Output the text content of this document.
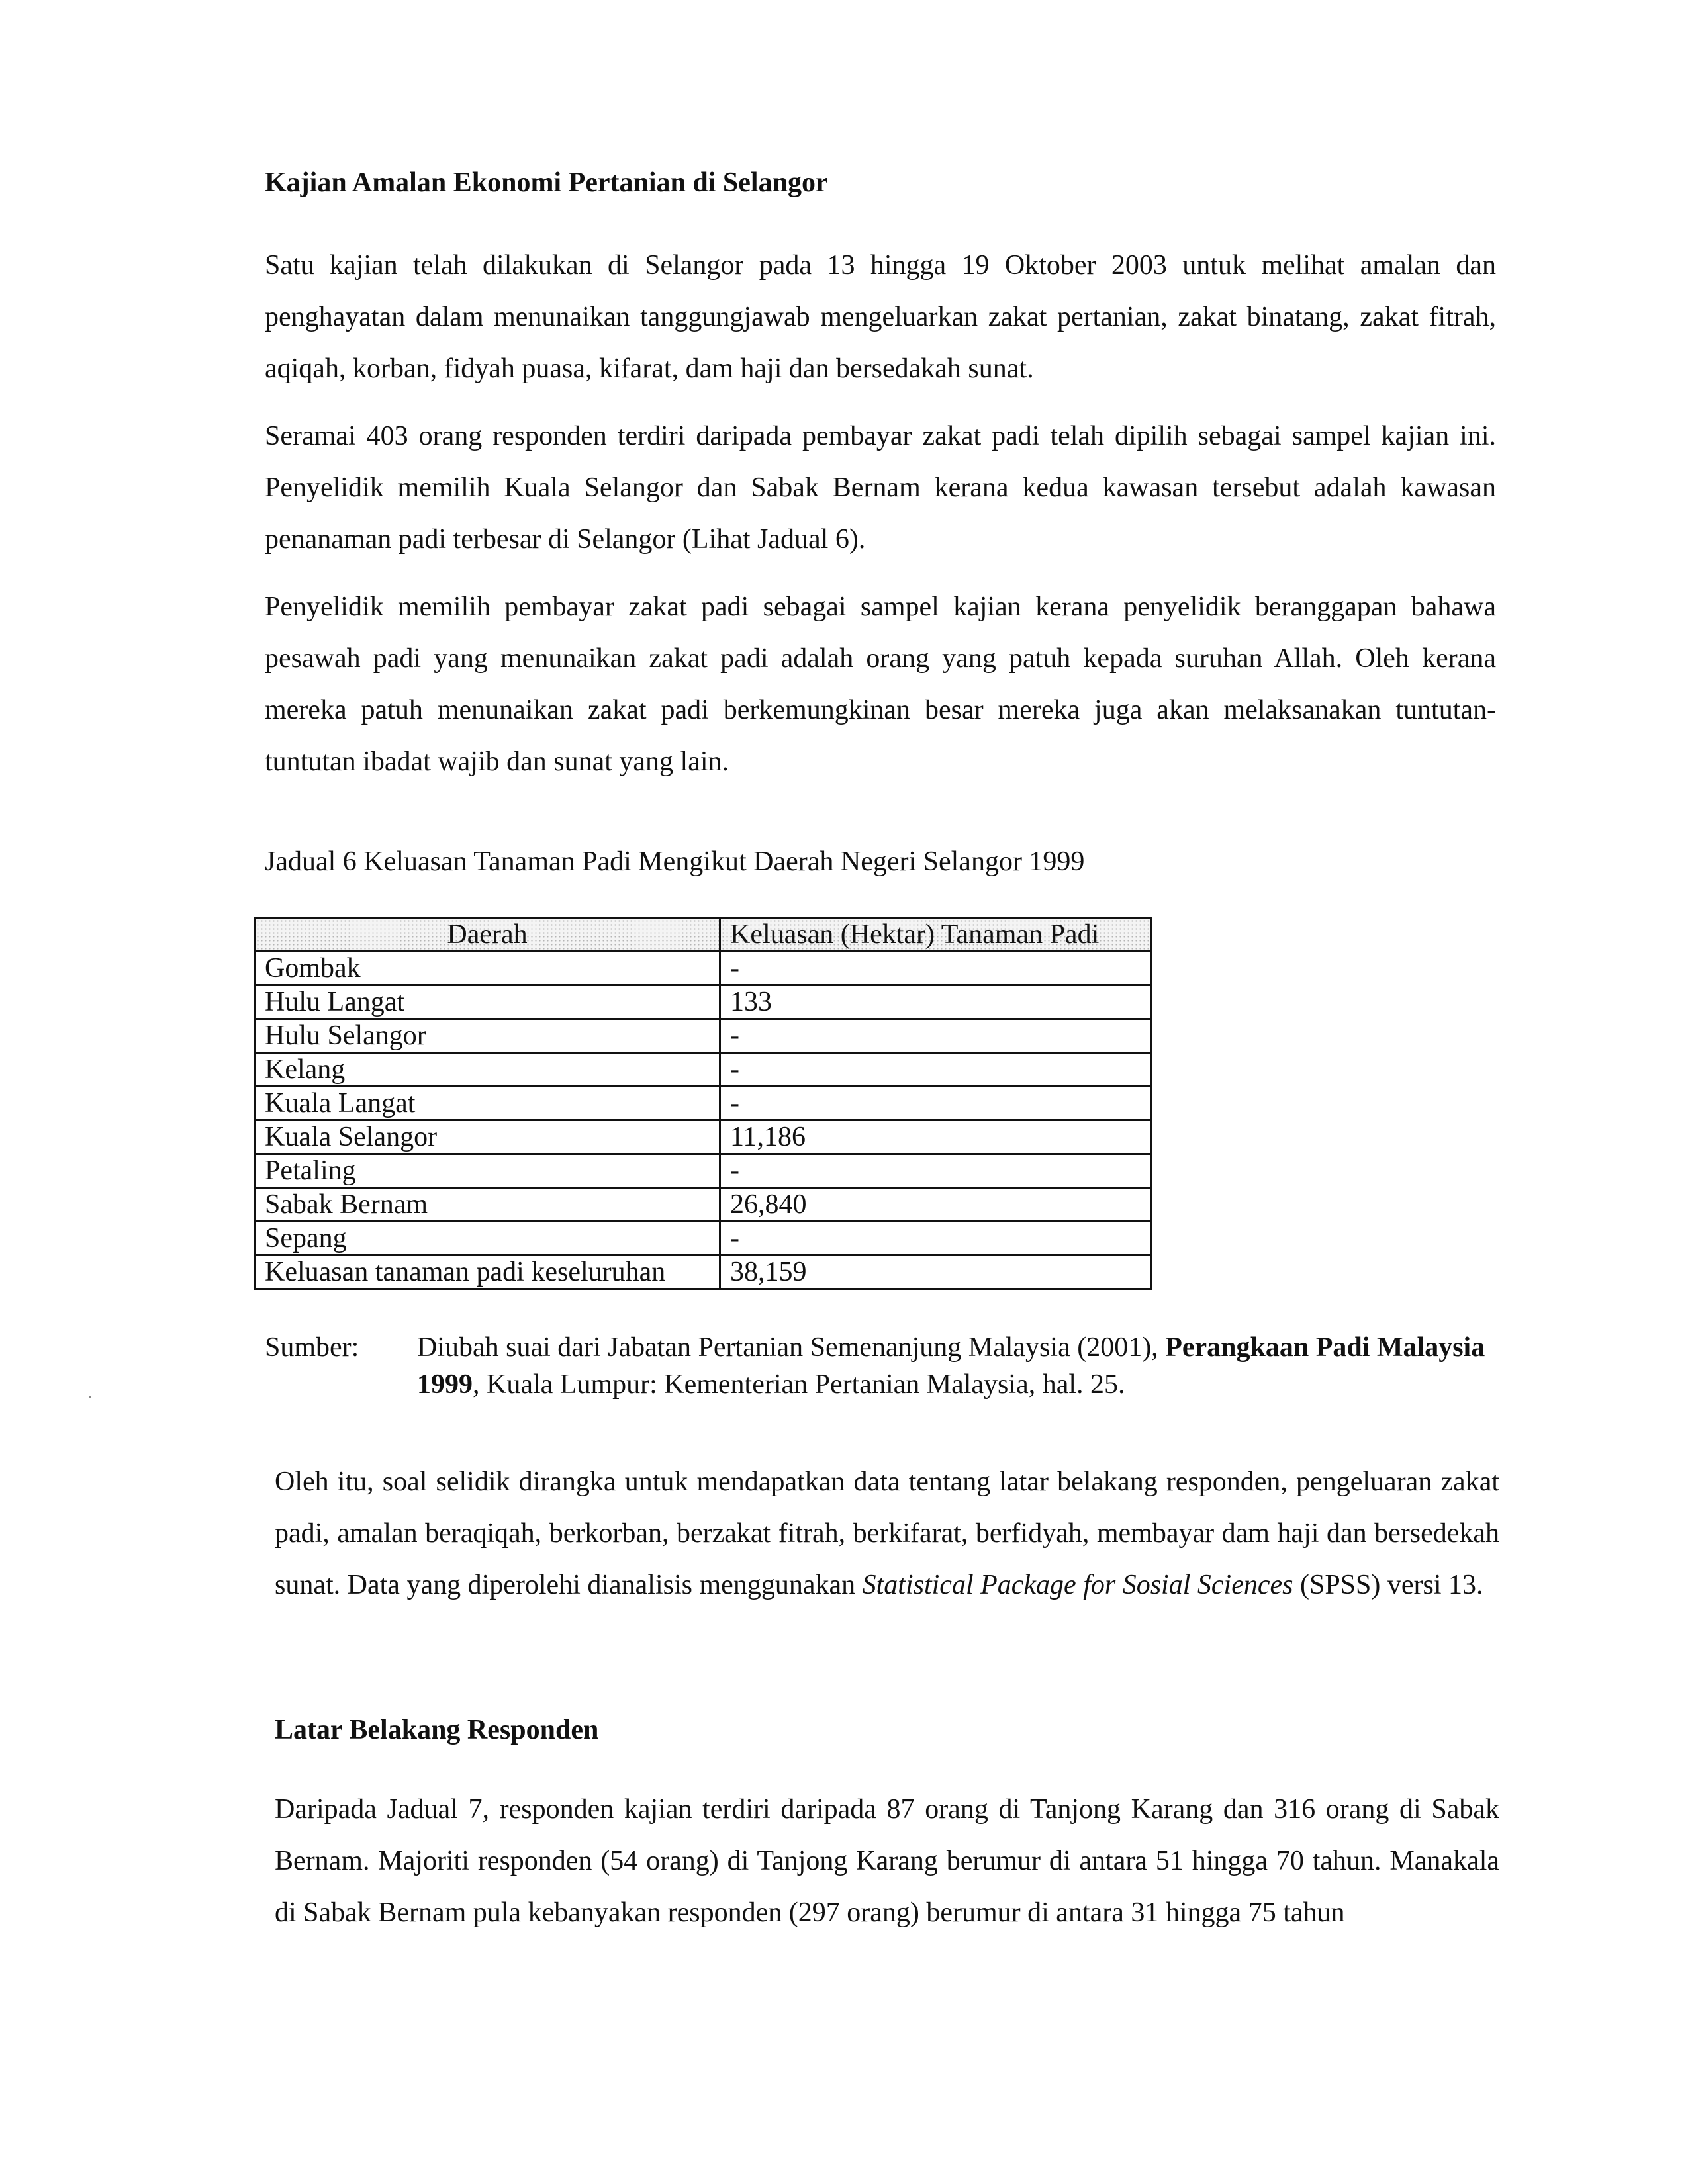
Kajian Amalan Ekonomi Pertanian di Selangor

Satu kajian telah dilakukan di Selangor pada 13 hingga 19 Oktober 2003 untuk melihat amalan dan penghayatan dalam menunaikan tanggungjawab mengeluarkan zakat pertanian, zakat binatang, zakat fitrah, aqiqah, korban, fidyah puasa, kifarat, dam haji dan bersedakah sunat.

Seramai 403 orang responden terdiri daripada pembayar zakat padi telah dipilih sebagai sampel kajian ini. Penyelidik memilih Kuala Selangor dan Sabak Bernam kerana kedua kawasan tersebut adalah kawasan penanaman padi terbesar di Selangor (Lihat Jadual 6).

Penyelidik memilih pembayar zakat padi sebagai sampel kajian kerana penyelidik beranggapan bahawa pesawah padi yang menunaikan zakat padi adalah orang yang patuh kepada suruhan Allah. Oleh kerana mereka patuh menunaikan zakat padi berkemungkinan besar mereka juga akan melaksanakan tuntutan-tuntutan ibadat wajib dan sunat yang lain.

Jadual 6 Keluasan Tanaman Padi Mengikut Daerah Negeri Selangor 1999
Daerah	Keluasan (Hektar) Tanaman Padi
Gombak	-
Hulu Langat	133
Hulu Selangor	-
Kelang	-
Kuala Langat	-
Kuala Selangor	11,186
Petaling	-
Sabak Bernam	26,840
Sepang	-
Keluasan tanaman padi keseluruhan	38,159
Sumber: Diubah suai dari Jabatan Pertanian Semenanjung Malaysia (2001), Perangkaan Padi Malaysia 1999, Kuala Lumpur: Kementerian Pertanian Malaysia, hal. 25.

Oleh itu, soal selidik dirangka untuk mendapatkan data tentang latar belakang responden, pengeluaran zakat padi, amalan beraqiqah, berkorban, berzakat fitrah, berkifarat, berfidyah, membayar dam haji dan bersedekah sunat. Data yang diperolehi dianalisis menggunakan Statistical Package for Sosial Sciences (SPSS) versi 13.

Latar Belakang Responden

Daripada Jadual 7, responden kajian terdiri daripada 87 orang di Tanjong Karang dan 316 orang di Sabak Bernam. Majoriti responden (54 orang) di Tanjong Karang berumur di antara 51 hingga 70 tahun. Manakala di Sabak Bernam pula kebanyakan responden (297 orang) berumur di antara 31 hingga 75 tahun
